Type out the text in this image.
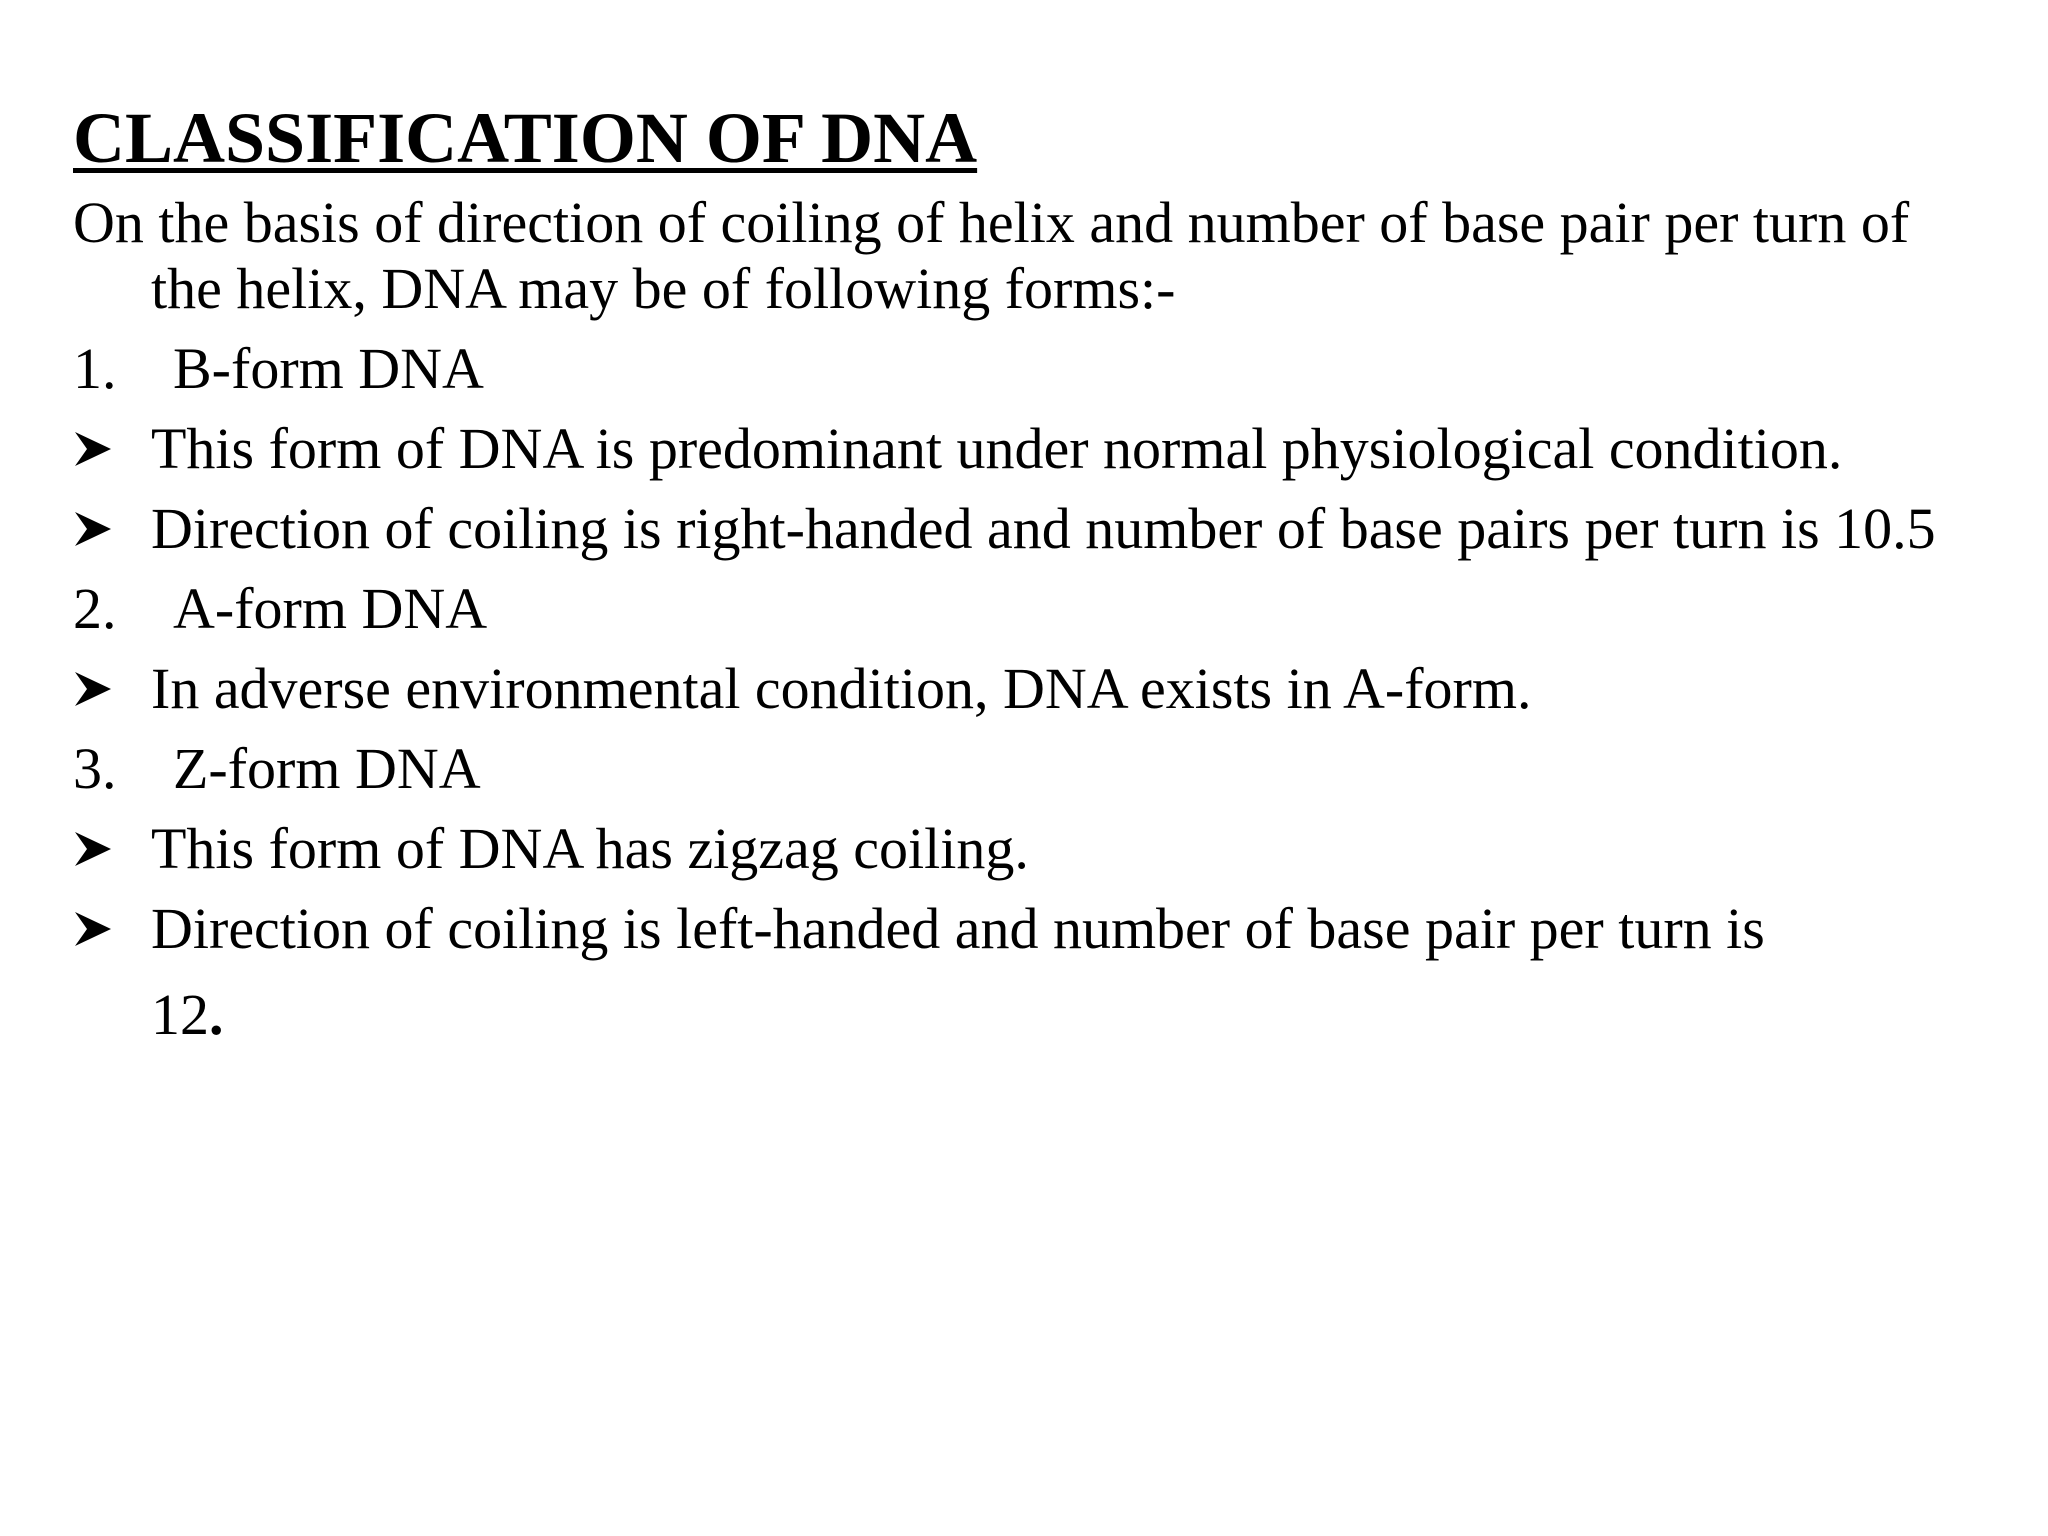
CLASSIFICATION OF DNA

On the basis of direction of coiling of helix and number of base pair per turn of the helix, DNA may be of following forms:-

1. B-form DNA
This form of DNA is predominant under normal physiological condition.
Direction of coiling is right-handed and number of base pairs per turn is 10.5
2. A-form DNA
In adverse environmental condition, DNA exists in A-form.
3. Z-form DNA
This form of DNA has zigzag coiling.
Direction of coiling is left-handed and number of base pair per turn is
12.
